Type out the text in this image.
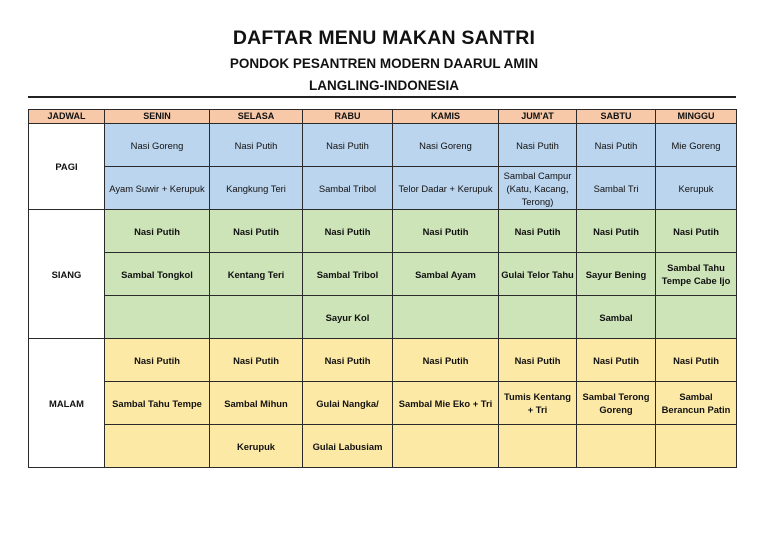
DAFTAR MENU MAKAN SANTRI
PONDOK PESANTREN MODERN DAARUL AMIN
LANGLING-INDONESIA
JADWAL	SENIN	SELASA	RABU	KAMIS	JUM'AT	SABTU	MINGGU
PAGI	Nasi Goreng	Nasi Putih	Nasi Putih	Nasi Goreng	Nasi Putih	Nasi Putih	Mie Goreng
	Ayam Suwir + Kerupuk	Kangkung Teri	Sambal Tribol	Telor Dadar + Kerupuk	Sambal Campur (Katu, Kacang, Terong)	Sambal Tri	Kerupuk
SIANG	Nasi Putih	Nasi Putih	Nasi Putih	Nasi Putih	Nasi Putih	Nasi Putih	Nasi Putih
	Sambal Tongkol	Kentang Teri	Sambal Tribol	Sambal Ayam	Gulai Telor Tahu	Sayur Bening	Sambal Tahu Tempe Cabe Ijo
			Sayur Kol			Sambal	
MALAM	Nasi Putih	Nasi Putih	Nasi Putih	Nasi Putih	Nasi Putih	Nasi Putih	Nasi Putih
	Sambal Tahu Tempe	Sambal Mihun	Gulai Nangka/	Sambal Mie Eko + Tri	Tumis Kentang + Tri	Sambal Terong Goreng	Sambal Berancun Patin
		Kerupuk	Gulai Labusiam				
